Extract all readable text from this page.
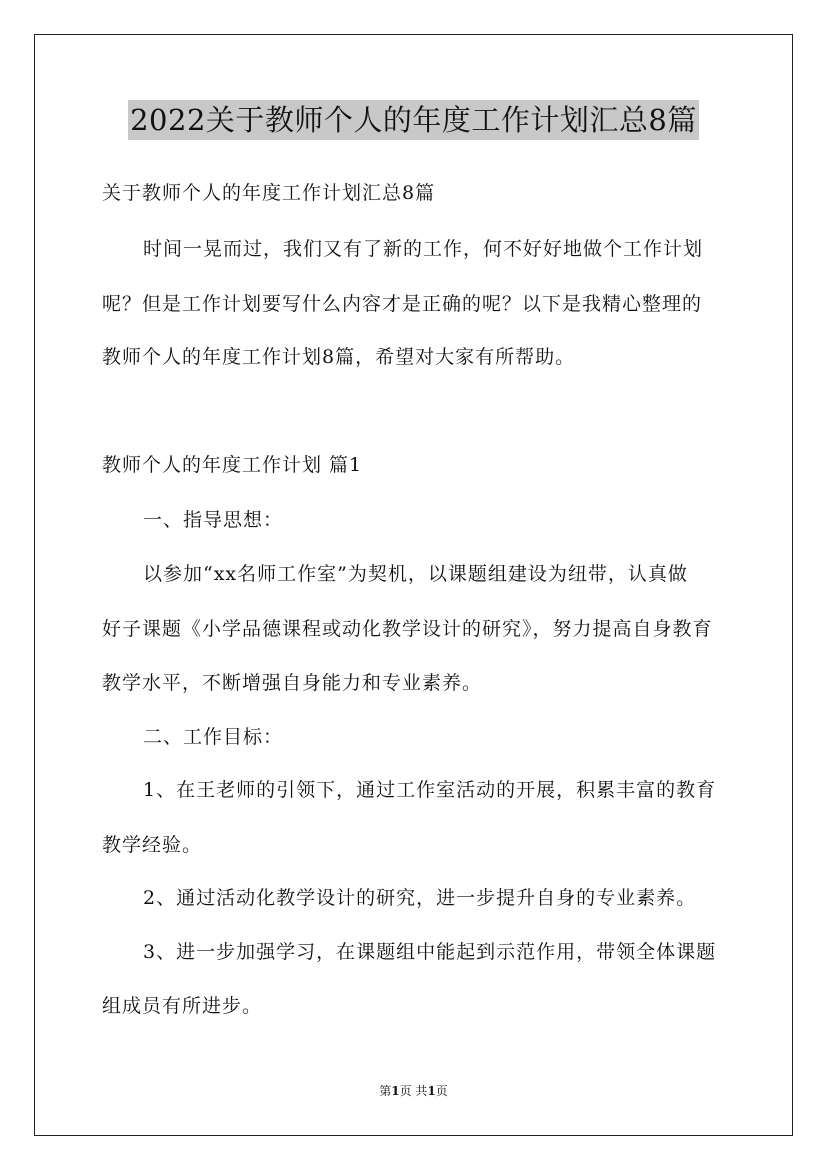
2022关于教师个人的年度工作计划汇总8篇
关于教师个人的年度工作计划汇总8篇
时间一晃而过，我们又有了新的工作，何不好好地做个工作计划
呢？但是工作计划要写什么内容才是正确的呢？以下是我精心整理的
教师个人的年度工作计划8篇，希望对大家有所帮助。
教师个人的年度工作计划 篇1
一、指导思想：
以参加“xx名师工作室”为契机，以课题组建设为纽带，认真做
好子课题《小学品德课程或动化教学设计的研究》，努力提高自身教育
教学水平，不断增强自身能力和专业素养。
二、工作目标：
1、在王老师的引领下，通过工作室活动的开展，积累丰富的教育
教学经验。
2、通过活动化教学设计的研究，进一步提升自身的专业素养。
3、进一步加强学习，在课题组中能起到示范作用，带领全体课题
组成员有所进步。
第1页 共1页
